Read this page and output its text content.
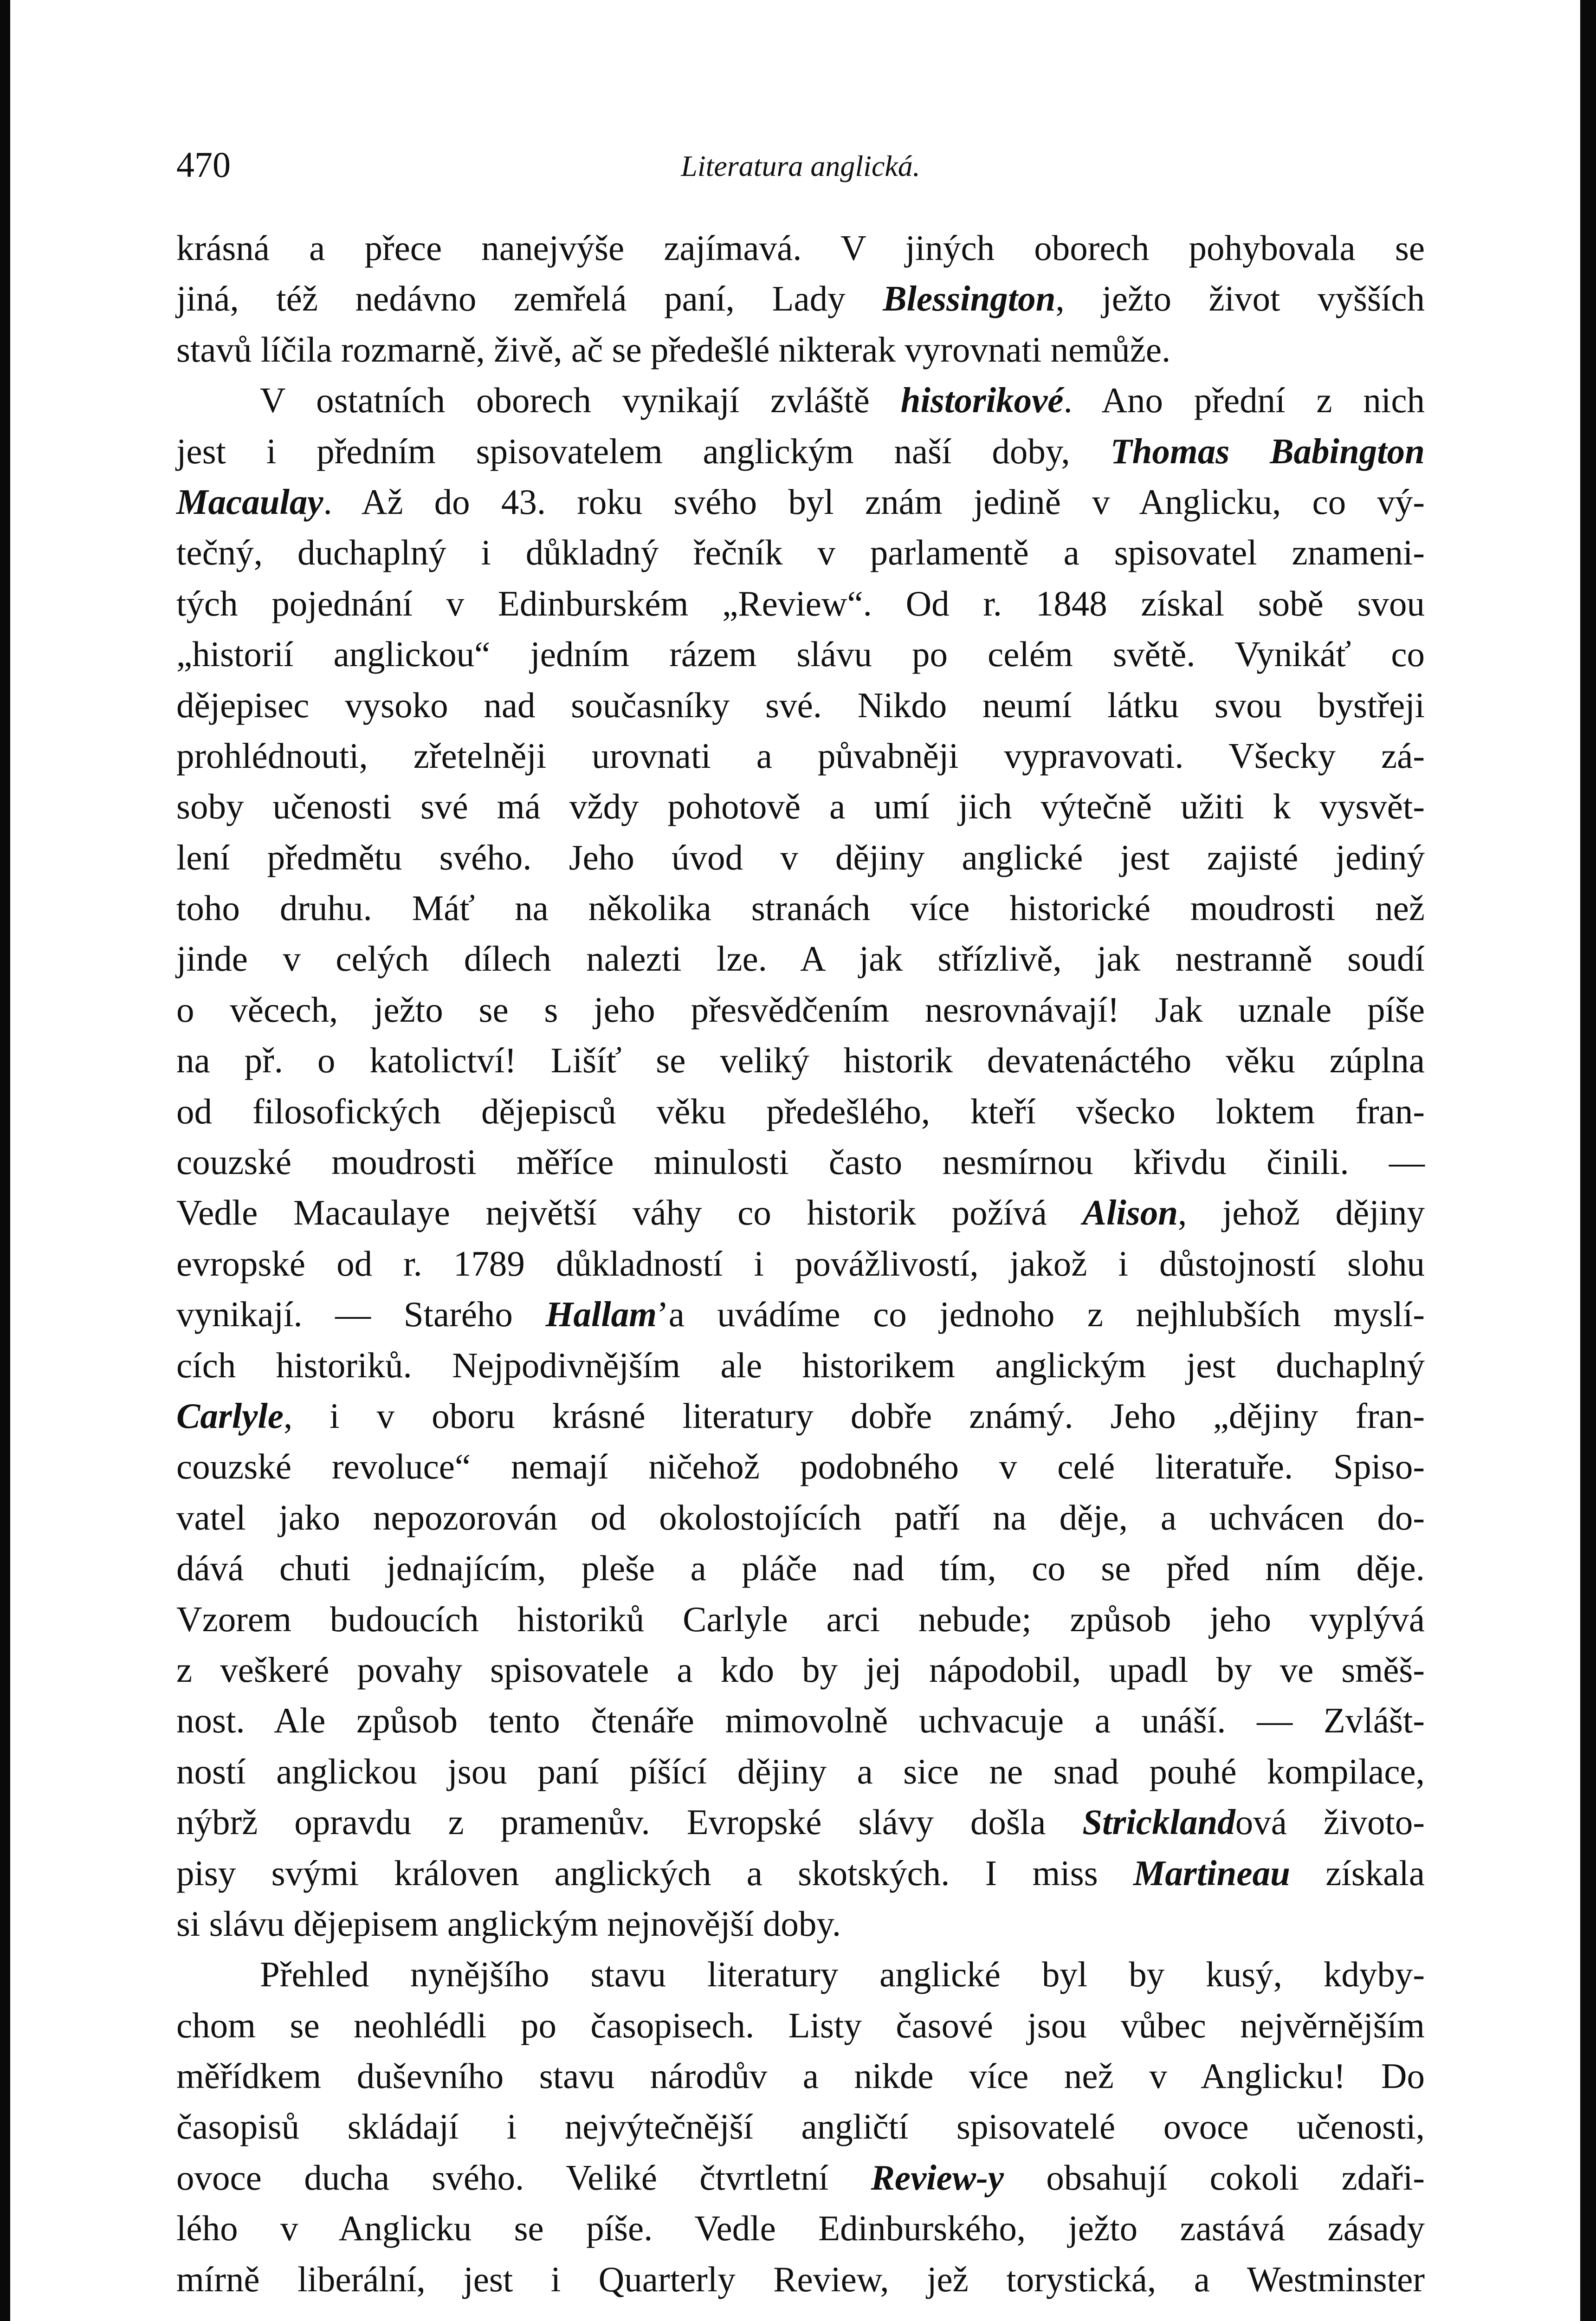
470	Literatura anglická.
krásná a přece nanejvýše zajímavá. V jiných oborech pohybovala se
jiná, též nedávno zemřelá paní, Lady Blessington, ježto život vyšších
stavů líčila rozmarně, živě, ač se předešlé nikterak vyrovnati nemůže.
V ostatních oborech vynikají zvláště historikové. Ano přední z nich
jest i předním spisovatelem anglickým naší doby, Thomas Babington
Macaulay. Až do 43. roku svého byl znám jedině v Anglicku, co vý-
tečný, duchaplný i důkladný řečník v parlamentě a spisovatel znameni-
tých pojednání v Edinburském „Review“. Od r. 1848 získal sobě svou
„historií anglickou“ jedním rázem slávu po celém světě. Vynikáť co
dějepisec vysoko nad současníky své. Nikdo neumí látku svou bystřeji
prohlédnouti, zřetelněji urovnati a půvabněji vypravovati. Všecky zá-
soby učenosti své má vždy pohotově a umí jich výtečně užiti k vysvět-
lení předmětu svého. Jeho úvod v dějiny anglické jest zajisté jediný
toho druhu. Máť na několika stranách více historické moudrosti než
jinde v celých dílech nalezti lze. A jak střízlivě, jak nestranně soudí
o věcech, ježto se s jeho přesvědčením nesrovnávají! Jak uznale píše
na př. o katolictví! Lišíť se veliký historik devatenáctého věku zúplna
od filosofických dějepisců věku předešlého, kteří všecko loktem fran-
couzské moudrosti měříce minulosti často nesmírnou křivdu činili. —
Vedle Macaulaye největší váhy co historik požívá Alison, jehož dějiny
evropské od r. 1789 důkladností i povážlivostí, jakož i důstojností slohu
vynikají. — Starého Hallam’a uvádíme co jednoho z nejhlubších myslí-
cích historiků. Nejpodivnějším ale historikem anglickým jest duchaplný
Carlyle, i v oboru krásné literatury dobře známý. Jeho „dějiny fran-
couzské revoluce“ nemají ničehož podobného v celé literatuře. Spiso-
vatel jako nepozorován od okolostojících patří na děje, a uchvácen do-
dává chuti jednajícím, pleše a pláče nad tím, co se před ním děje.
Vzorem budoucích historiků Carlyle arci nebude; způsob jeho vyplývá
z veškeré povahy spisovatele a kdo by jej nápodobil, upadl by ve směš-
nost. Ale způsob tento čtenáře mimovolně uchvacuje a unáší. — Zvlášt-
ností anglickou jsou paní píšící dějiny a sice ne snad pouhé kompilace,
nýbrž opravdu z pramenův. Evropské slávy došla Stricklandová životo-
pisy svými královen anglických a skotských. I miss Martineau získala
si slávu dějepisem anglickým nejnovější doby.
Přehled nynějšího stavu literatury anglické byl by kusý, kdyby-
chom se neohlédli po časopisech. Listy časové jsou vůbec nejvěrnějším
měřídkem duševního stavu národův a nikde více než v Anglicku! Do
časopisů skládají i nejvýtečnější angličtí spisovatelé ovoce učenosti,
ovoce ducha svého. Veliké čtvrtletní Review-y obsahují cokoli zdaři-
lého v Anglicku se píše. Vedle Edinburského, ježto zastává zásady
mírně liberální, jest i Quarterly Review, jež torystická, a Westminster
